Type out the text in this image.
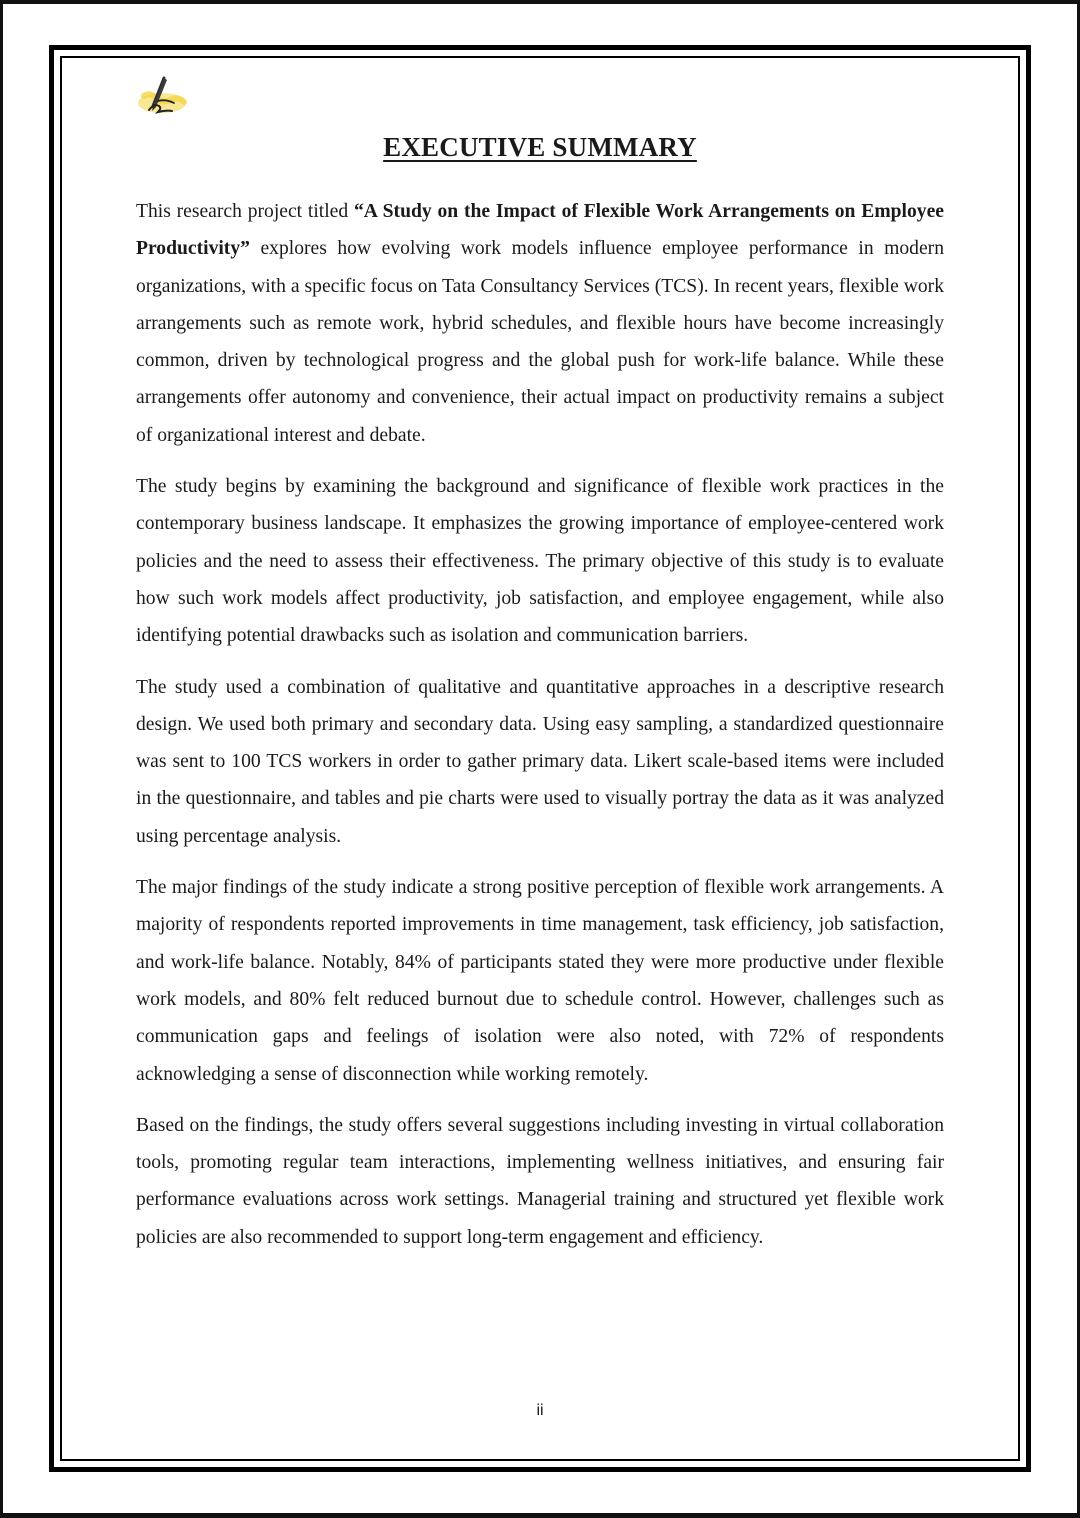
EXECUTIVE SUMMARY

This research project titled “A Study on the Impact of Flexible Work Arrangements on Employee Productivity” explores how evolving work models influence employee performance in modern organizations, with a specific focus on Tata Consultancy Services (TCS). In recent years, flexible work arrangements such as remote work, hybrid schedules, and flexible hours have become increasingly common, driven by technological progress and the global push for work-life balance. While these arrangements offer autonomy and convenience, their actual impact on productivity remains a subject of organizational interest and debate.

The study begins by examining the background and significance of flexible work practices in the contemporary business landscape. It emphasizes the growing importance of employee-centered work policies and the need to assess their effectiveness. The primary objective of this study is to evaluate how such work models affect productivity, job satisfaction, and employee engagement, while also identifying potential drawbacks such as isolation and communication barriers.

The study used a combination of qualitative and quantitative approaches in a descriptive research design. We used both primary and secondary data. Using easy sampling, a standardized questionnaire was sent to 100 TCS workers in order to gather primary data. Likert scale-based items were included in the questionnaire, and tables and pie charts were used to visually portray the data as it was analyzed using percentage analysis.

The major findings of the study indicate a strong positive perception of flexible work arrangements. A majority of respondents reported improvements in time management, task efficiency, job satisfaction, and work-life balance. Notably, 84% of participants stated they were more productive under flexible work models, and 80% felt reduced burnout due to schedule control. However, challenges such as communication gaps and feelings of isolation were also noted, with 72% of respondents acknowledging a sense of disconnection while working remotely.

Based on the findings, the study offers several suggestions including investing in virtual collaboration tools, promoting regular team interactions, implementing wellness initiatives, and ensuring fair performance evaluations across work settings. Managerial training and structured yet flexible work policies are also recommended to support long-term engagement and efficiency.

ii
